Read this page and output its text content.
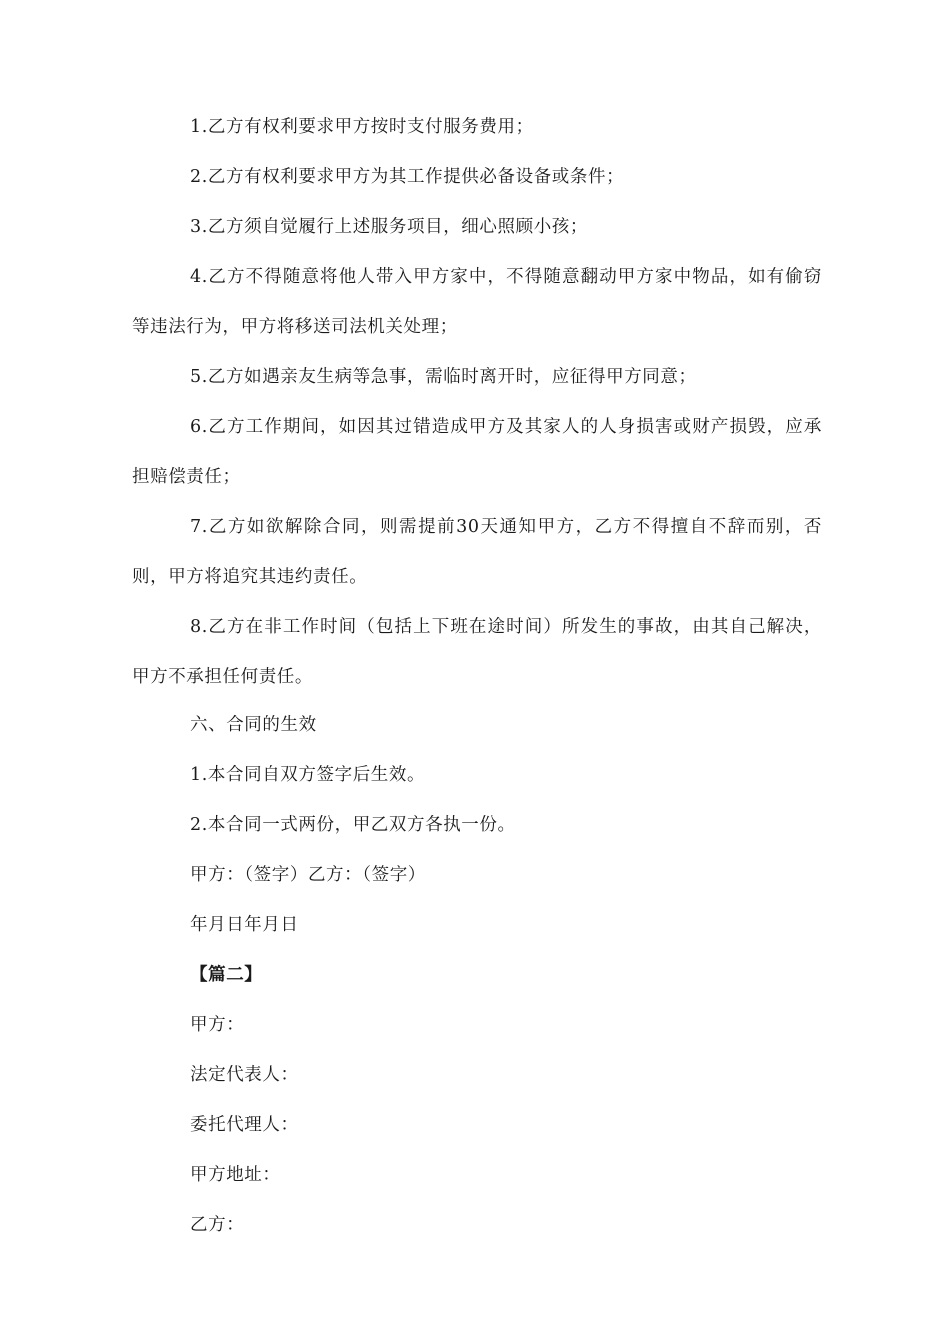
1.乙方有权利要求甲方按时支付服务费用；
2.乙方有权利要求甲方为其工作提供必备设备或条件；
3.乙方须自觉履行上述服务项目，细心照顾小孩；
4.乙方不得随意将他人带入甲方家中，不得随意翻动甲方家中物品，如有偷窃等违法行为，甲方将移送司法机关处理；
5.乙方如遇亲友生病等急事，需临时离开时，应征得甲方同意；
6.乙方工作期间，如因其过错造成甲方及其家人的人身损害或财产损毁，应承担赔偿责任；
7.乙方如欲解除合同，则需提前30天通知甲方，乙方不得擅自不辞而别，否则，甲方将追究其违约责任。
8.乙方在非工作时间（包括上下班在途时间）所发生的事故，由其自己解决，甲方不承担任何责任。
六、合同的生效
1.本合同自双方签字后生效。
2.本合同一式两份，甲乙双方各执一份。
甲方：（签字）乙方：（签字）
年月日年月日
【篇二】
甲方：
法定代表人：
委托代理人：
甲方地址：
乙方：
